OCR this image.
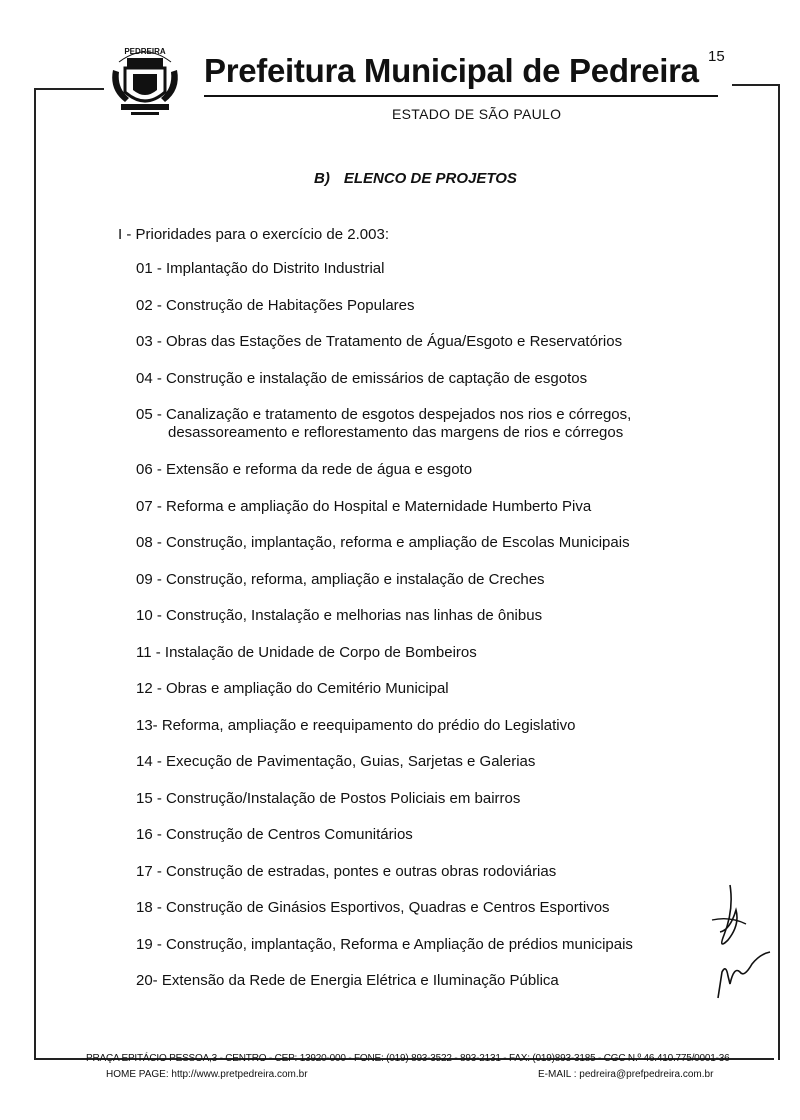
PEDREIRA
Prefeitura Municipal de Pedreira 15
ESTADO DE SÃO PAULO
B) ELENCO DE PROJETOS
I - Prioridades para o exercício de 2.003:
01 - Implantação do Distrito Industrial
02 - Construção de Habitações Populares
03 - Obras das Estações de Tratamento de Água/Esgoto e Reservatórios
04 - Construção e instalação de emissários de captação de esgotos
05 - Canalização e tratamento de esgotos despejados nos rios e córregos,
desassoreamento e reflorestamento das margens de rios e córregos
06 - Extensão e reforma da rede de água e esgoto
07 - Reforma e ampliação do Hospital e Maternidade Humberto Piva
08 - Construção, implantação, reforma e ampliação de Escolas Municipais
09 - Construção, reforma, ampliação e instalação de Creches
10 - Construção, Instalação e melhorias nas linhas de ônibus
11 - Instalação de Unidade de Corpo de Bombeiros
12 - Obras e ampliação do Cemitério Municipal
13- Reforma, ampliação e reequipamento do prédio do Legislativo
14 - Execução de Pavimentação, Guias, Sarjetas e Galerias
15 - Construção/Instalação de Postos Policiais em bairros
16 - Construção de Centros Comunitários
17 - Construção de estradas, pontes e outras obras rodoviárias
18 - Construção de Ginásios Esportivos, Quadras e Centros Esportivos
19 - Construção, implantação, Reforma e Ampliação de prédios municipais
20- Extensão da Rede de Energia Elétrica e Iluminação Pública
PRAÇA EPITÁCIO PESSOA,3 - CENTRO - CEP: 13920-000 - FONE: (019) 893-3522 - 893-2131 - FAX: (019)893-3185 - CGC N.º 46.410.775/0001-36
HOME PAGE: http://www.pretpedreira.com.br	E-MAIL : pedreira@prefpedreira.com.br
